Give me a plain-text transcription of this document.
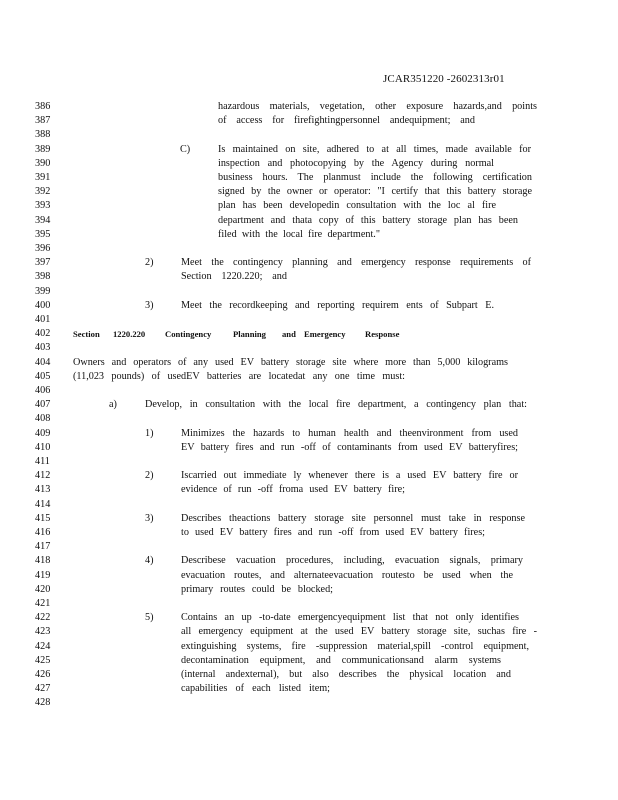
JCAR351220 -2602313r01
386	hazardous materials, vegetation, other exposure hazards,and points
387	of access for firefightingpersonnel andequipment; and
388
389	C)	Is maintained on site, adhered to at all times, made available for
390	inspection and photocopying by the Agency during normal
391	business hours. The planmust include the following certification
392	signed by the owner or operator: "I certify that this battery storage
393	plan has been developedin consultation with the loc al fire
394	department and thata copy of this battery storage plan has been
395	filed with the local fire department."
396
397	2)	Meet the contingency planning and emergency response requirements of
398	Section 1220.220; and
399
400	3)	Meet the recordkeeping and reporting requirem ents of Subpart E.
401
402	Section 1220.220 Contingency	Planning and Emergency Response
403
404	Owners and operators of any used EV battery storage site where more than 5,000 kilograms
405	(11,023 pounds) of usedEV batteries are locatedat any one time must:
406
407	a)	Develop, in consultation with the local fire department, a contingency plan that:
408
409	1)	Minimizes the hazards to human health and theenvironment from used
410	EV battery fires and run -off of contaminants from used EV batteryfires;
411
412	2)	Iscarried out immediate ly whenever there is a used EV battery fire or
413	evidence of run -off froma used EV battery fire;
414
415	3)	Describes theactions battery storage site personnel must take in response
416	to used EV battery fires and run -off from used EV battery fires;
417
418	4)	Describese vacuation procedures, including, evacuation signals, primary
419	evacuation routes, and alternateevacuation routesto be used when the
420	primary routes could be blocked;
421
422	5)	Contains an up -to-date emergencyequipment list that not only identifies
423	all emergency equipment at the used EV battery storage site, suchas fire -
424	extinguishing systems, fire -suppression material,spill -control equipment,
425	decontamination equipment, and communicationsand alarm systems
426	(internal andexternal), but also describes the physical location and
427	capabilities of each listed item;
428
